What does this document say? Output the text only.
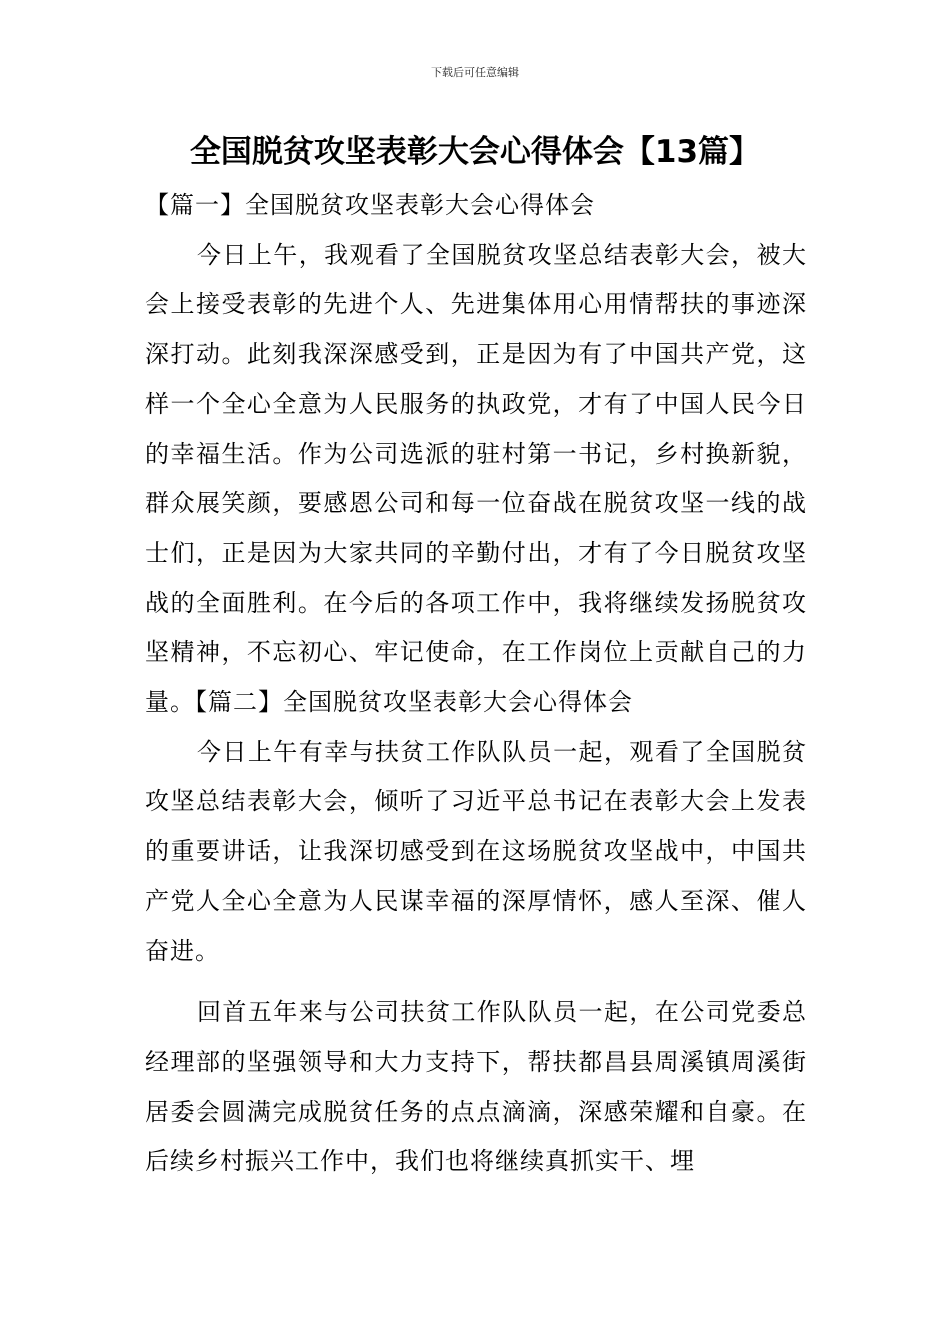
下载后可任意编辑
全国脱贫攻坚表彰大会心得体会【13篇】

【篇一】全国脱贫攻坚表彰大会心得体会

今日上午，我观看了全国脱贫攻坚总结表彰大会，被大会上接受表彰的先进个人、先进集体用心用情帮扶的事迹深深打动。此刻我深深感受到，正是因为有了中国共产党，这样一个全心全意为人民服务的执政党，才有了中国人民今日的幸福生活。作为公司选派的驻村第一书记，乡村换新貌，群众展笑颜，要感恩公司和每一位奋战在脱贫攻坚一线的战士们，正是因为大家共同的辛勤付出，才有了今日脱贫攻坚战的全面胜利。在今后的各项工作中，我将继续发扬脱贫攻坚精神，不忘初心、牢记使命，在工作岗位上贡献自己的力量。【篇二】全国脱贫攻坚表彰大会心得体会

今日上午有幸与扶贫工作队队员一起，观看了全国脱贫攻坚总结表彰大会，倾听了习近平总书记在表彰大会上发表的重要讲话，让我深切感受到在这场脱贫攻坚战中，中国共产党人全心全意为人民谋幸福的深厚情怀，感人至深、催人奋进。

回首五年来与公司扶贫工作队队员一起，在公司党委总经理部的坚强领导和大力支持下，帮扶都昌县周溪镇周溪街居委会圆满完成脱贫任务的点点滴滴，深感荣耀和自豪。在后续乡村振兴工作中，我们也将继续真抓实干、埋
